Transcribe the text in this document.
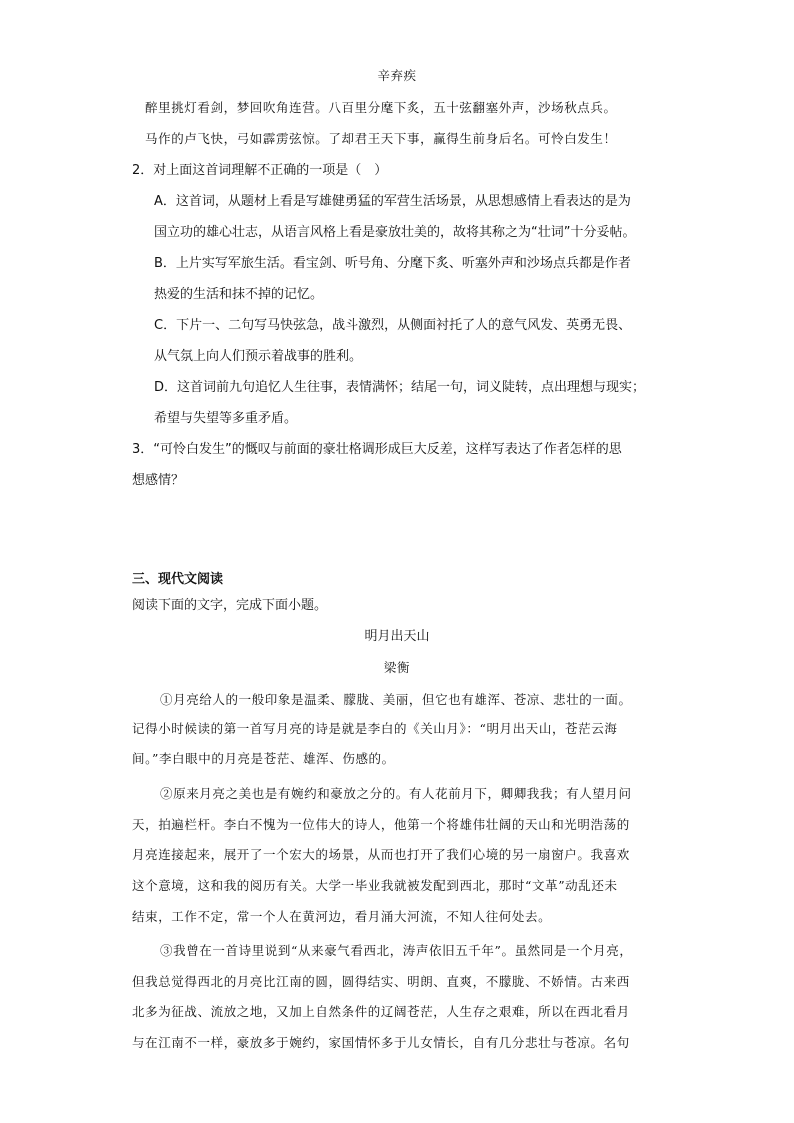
辛弃疾
醉里挑灯看剑，梦回吹角连营。八百里分麾下炙，五十弦翻塞外声，沙场秋点兵。
马作的卢飞快，弓如霹雳弦惊。了却君王天下事，赢得生前身后名。可怜白发生！
2．对上面这首词理解不正确的一项是（　）
A．这首词，从题材上看是写雄健勇猛的军营生活场景，从思想感情上看表达的是为
国立功的雄心壮志，从语言风格上看是豪放壮美的，故将其称之为“壮词”十分妥帖。
B．上片实写军旅生活。看宝剑、听号角、分麾下炙、听塞外声和沙场点兵都是作者
热爱的生活和抹不掉的记忆。
C．下片一、二句写马快弦急，战斗激烈，从侧面衬托了人的意气风发、英勇无畏、
从气氛上向人们预示着战事的胜利。
D．这首词前九句追忆人生往事，表情满怀；结尾一句，词义陡转，点出理想与现实；
希望与失望等多重矛盾。
3．“可怜白发生”的慨叹与前面的豪壮格调形成巨大反差，这样写表达了作者怎样的思
想感情？
三、现代文阅读
阅读下面的文字，完成下面小题。
明月出天山
梁衡
①月亮给人的一般印象是温柔、朦胧、美丽，但它也有雄浑、苍凉、悲壮的一面。
记得小时候读的第一首写月亮的诗是就是李白的《关山月》：“明月出天山，苍茫云海
间。”李白眼中的月亮是苍茫、雄浑、伤感的。
②原来月亮之美也是有婉约和豪放之分的。有人花前月下，卿卿我我；有人望月问
天，拍遍栏杆。李白不愧为一位伟大的诗人，他第一个将雄伟壮阔的天山和光明浩荡的
月亮连接起来，展开了一个宏大的场景，从而也打开了我们心境的另一扇窗户。我喜欢
这个意境，这和我的阅历有关。大学一毕业我就被发配到西北，那时“文革”动乱还未
结束，工作不定，常一个人在黄河边，看月涌大河流，不知人往何处去。
③我曾在一首诗里说到“从来豪气看西北，涛声依旧五千年”。虽然同是一个月亮，
但我总觉得西北的月亮比江南的圆，圆得结实、明朗、直爽，不朦胧、不娇情。古来西
北多为征战、流放之地，又加上自然条件的辽阔苍茫，人生存之艰难，所以在西北看月
与在江南不一样，豪放多于婉约，家国情怀多于儿女情长，自有几分悲壮与苍凉。名句
